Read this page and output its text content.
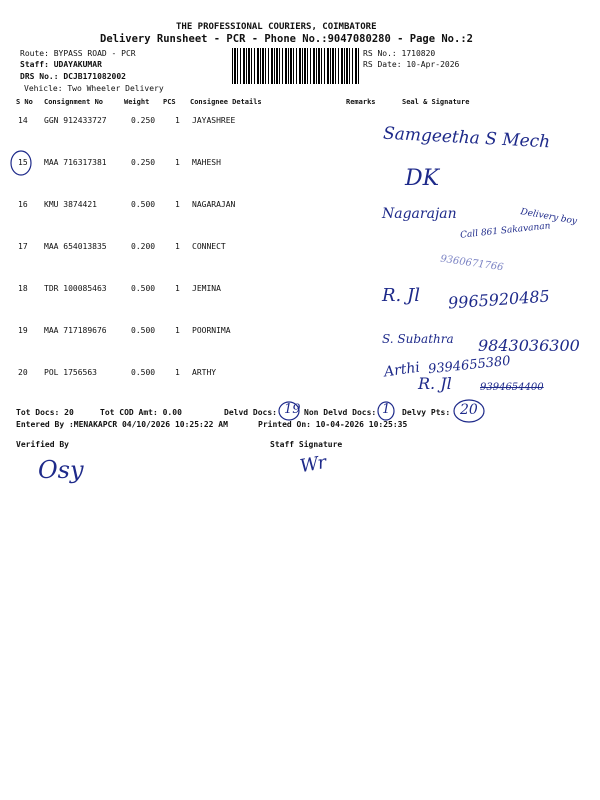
THE PROFESSIONAL COURIERS, COIMBATORE
Delivery Runsheet - PCR - Phone No.:9047080280 - Page No.:2
Route: BYPASS ROAD - PCR
Staff: UDAYAKUMAR
DRS No.: DCJB171082002
Vehicle: Two Wheeler Delivery
RS No.: 1710820
RS Date: 10-Apr-2026
S No Consignment No	Weight PCS Consignee Details	Remarks	Seal & Signature
14 GGN 912433727	0.250 1 JAYASHREE
15 MAA 716317381	0.250 1 MAHESH
16 KMU 3874421	0.500 1 NAGARAJAN
17 MAA 654013835	0.200 1 CONNECT
18 TDR 100085463	0.500 1 JEMINA
19 MAA 717189676	0.500 1 POORNIMA
20 POL 1756563	0.500 1 ARTHY
Samgeetha S Mech
DK
Nagarajan	Delivery boy
Call 861 Sakavanan
9360671766
R. Jl 9965920485
S. Subathra 9843036300
Arthi 9394655380
R. Jl	9394654400
Tot Docs: 20	Tot COD Amt: 0.00	Delvd Docs: 19 Non Delvd Docs: 1 Delvy Pts: 20
Entered By :MENAKAPCR 04/10/2026 10:25:22 AM	Printed On: 10-04-2026 10:25:35
Verified By	Staff Signature
Osy	Wr
